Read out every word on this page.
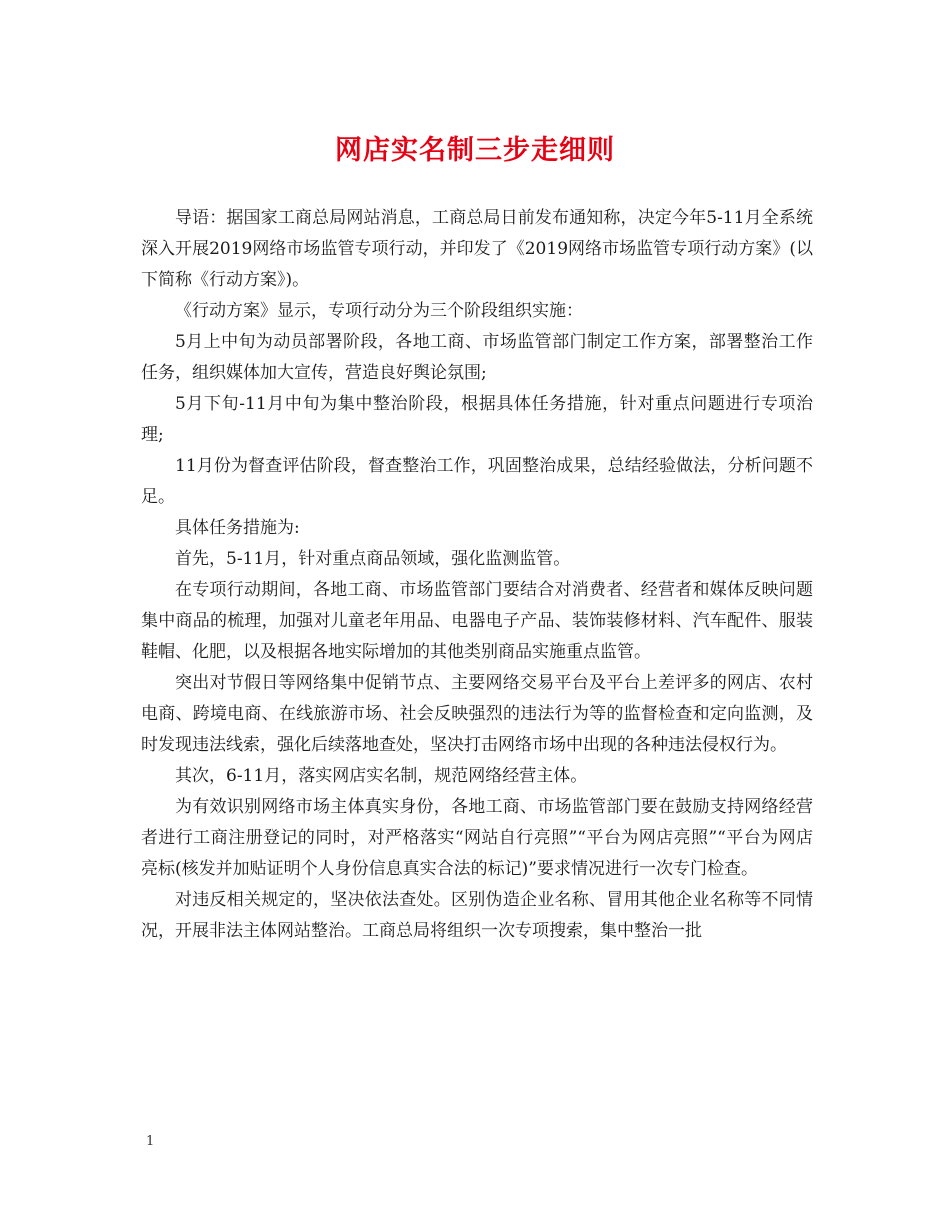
网店实名制三步走细则

导语：据国家工商总局网站消息，工商总局日前发布通知称，决定今年5-11月全系统深入开展2019网络市场监管专项行动，并印发了《2019网络市场监管专项行动方案》(以下简称《行动方案》)。

《行动方案》显示，专项行动分为三个阶段组织实施：

5月上中旬为动员部署阶段，各地工商、市场监管部门制定工作方案，部署整治工作任务，组织媒体加大宣传，营造良好舆论氛围;

5月下旬-11月中旬为集中整治阶段，根据具体任务措施，针对重点问题进行专项治理;

11月份为督查评估阶段，督查整治工作，巩固整治成果，总结经验做法，分析问题不足。

具体任务措施为:

首先，5-11月，针对重点商品领域，强化监测监管。

在专项行动期间，各地工商、市场监管部门要结合对消费者、经营者和媒体反映问题集中商品的梳理，加强对儿童老年用品、电器电子产品、装饰装修材料、汽车配件、服装鞋帽、化肥，以及根据各地实际增加的其他类别商品实施重点监管。

突出对节假日等网络集中促销节点、主要网络交易平台及平台上差评多的网店、农村电商、跨境电商、在线旅游市场、社会反映强烈的违法行为等的监督检查和定向监测，及时发现违法线索，强化后续落地查处，坚决打击网络市场中出现的各种违法侵权行为。

其次，6-11月，落实网店实名制，规范网络经营主体。

为有效识别网络市场主体真实身份，各地工商、市场监管部门要在鼓励支持网络经营者进行工商注册登记的同时，对严格落实“网站自行亮照”“平台为网店亮照”“平台为网店亮标(核发并加贴证明个人身份信息真实合法的标记)”要求情况进行一次专门检查。

对违反相关规定的，坚决依法查处。区别伪造企业名称、冒用其他企业名称等不同情况，开展非法主体网站整治。工商总局将组织一次专项搜索，集中整治一批

1
